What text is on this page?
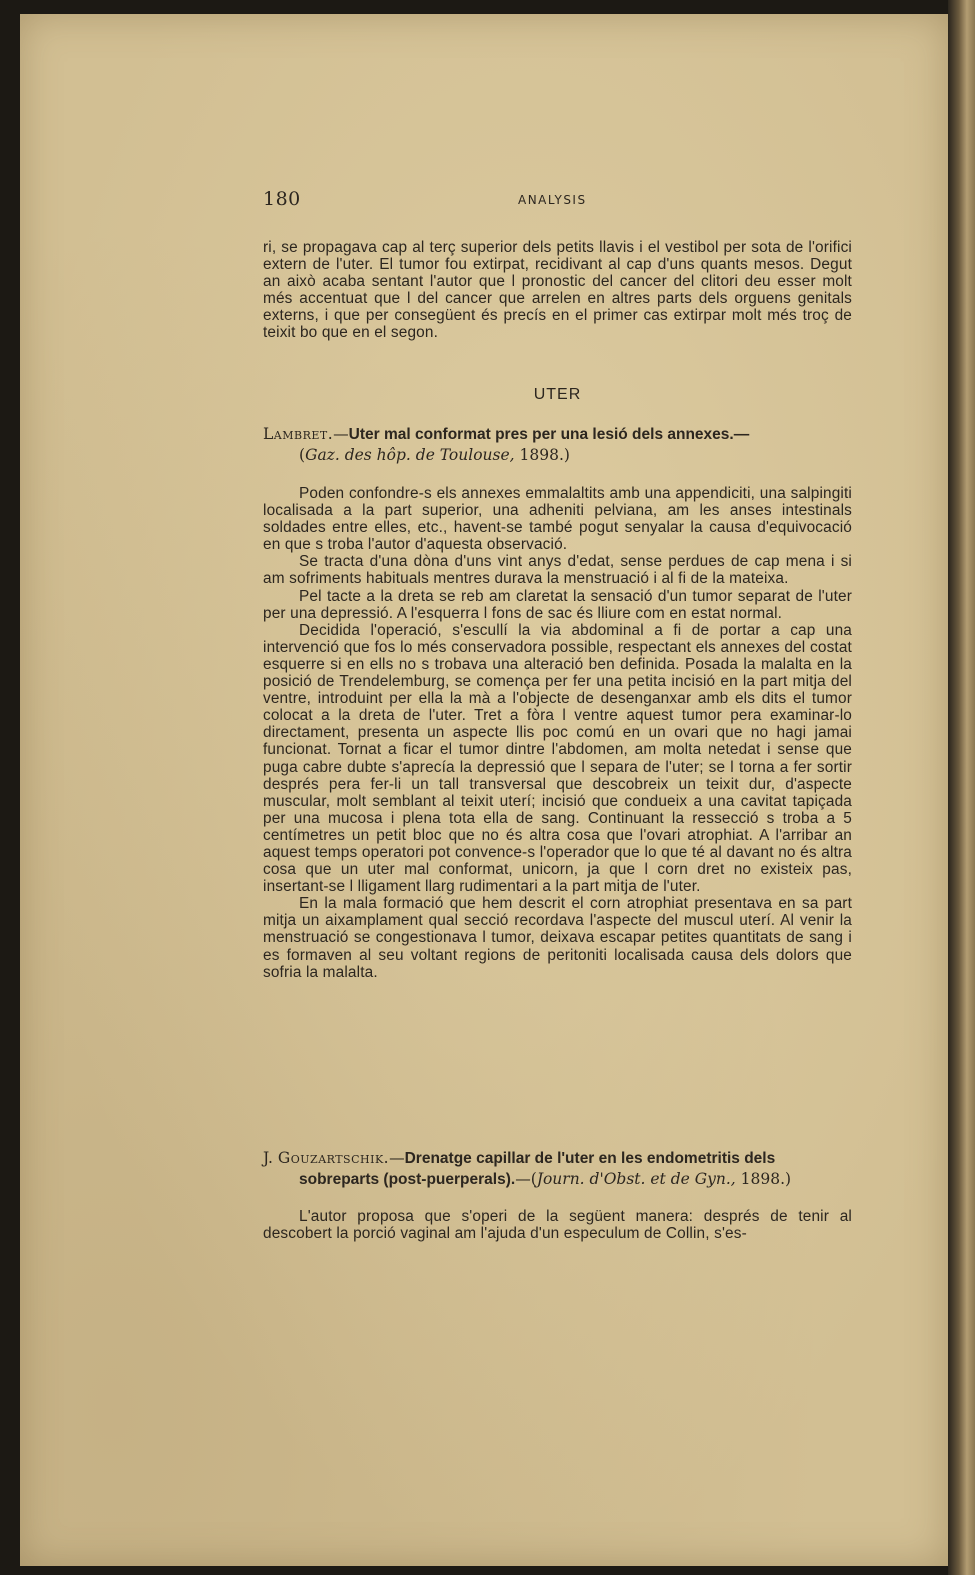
180	ANALYSIS

ri, se propagava cap al terç superior dels petits llavis i el vestibol per sota de l'orifici extern de l'uter. El tumor fou extirpat, recidivant al cap d'uns quants mesos. Degut an això acaba sentant l'autor que l pronostic del cancer del clitori deu esser molt més accentuat que l del cancer que arrelen en altres parts dels orguens genitals externs, i que per consegüent és precís en el primer cas extirpar molt més troç de teixit bo que en el segon.

UTER
Lambret.—Uter mal conformat pres per una lesió dels annexes.—
(Gaz. des hôp. de Toulouse, 1898.)

Poden confondre-s els annexes emmalaltits amb una appendiciti, una salpingiti localisada a la part superior, una adheniti pelviana, am les anses intestinals soldades entre elles, etc., havent-se també pogut senyalar la causa d'equivocació en que s troba l'autor d'aquesta observació.

Se tracta d'una dòna d'uns vint anys d'edat, sense perdues de cap mena i si am sofriments habituals mentres durava la menstruació i al fi de la mateixa.

Pel tacte a la dreta se reb am claretat la sensació d'un tumor separat de l'uter per una depressió. A l'esquerra l fons de sac és lliure com en estat normal.

Decidida l'operació, s'escullí la via abdominal a fi de portar a cap una intervenció que fos lo més conservadora possible, respectant els annexes del costat esquerre si en ells no s trobava una alteració ben definida. Posada la malalta en la posició de Trendelemburg, se comença per fer una petita incisió en la part mitja del ventre, introduint per ella la mà a l'objecte de desenganxar amb els dits el tumor colocat a la dreta de l'uter. Tret a fòra l ventre aquest tumor pera examinar-lo directament, presenta un aspecte llis poc comú en un ovari que no hagi jamai funcionat. Tornat a ficar el tumor dintre l'abdomen, am molta netedat i sense que puga cabre dubte s'aprecía la depressió que l separa de l'uter; se l torna a fer sortir després pera fer-li un tall transversal que descobreix un teixit dur, d'aspecte muscular, molt semblant al teixit uterí; incisió que condueix a una cavitat tapiçada per una mucosa i plena tota ella de sang. Continuant la ressecció s troba a 5 centímetres un petit bloc que no és altra cosa que l'ovari atrophiat. A l'arribar an aquest temps operatori pot convence-s l'operador que lo que té al davant no és altra cosa que un uter mal conformat, unicorn, ja que l corn dret no existeix pas, insertant-se l lligament llarg rudimentari a la part mitja de l'uter.

En la mala formació que hem descrit el corn atrophiat presentava en sa part mitja un aixamplament qual secció recordava l'aspecte del muscul uterí. Al venir la menstruació se congestionava l tumor, deixava escapar petites quantitats de sang i es formaven al seu voltant regions de peritoniti localisada causa dels dolors que sofria la malalta.

J. Gouzartschik.—Drenatge capillar de l'uter en les endometritis dels sobreparts (post-puerperals).—(Journ. d'Obst. et de Gyn., 1898.)

L'autor proposa que s'operi de la següent manera: després de tenir al descobert la porció vaginal am l'ajuda d'un especulum de Collin, s'es-
